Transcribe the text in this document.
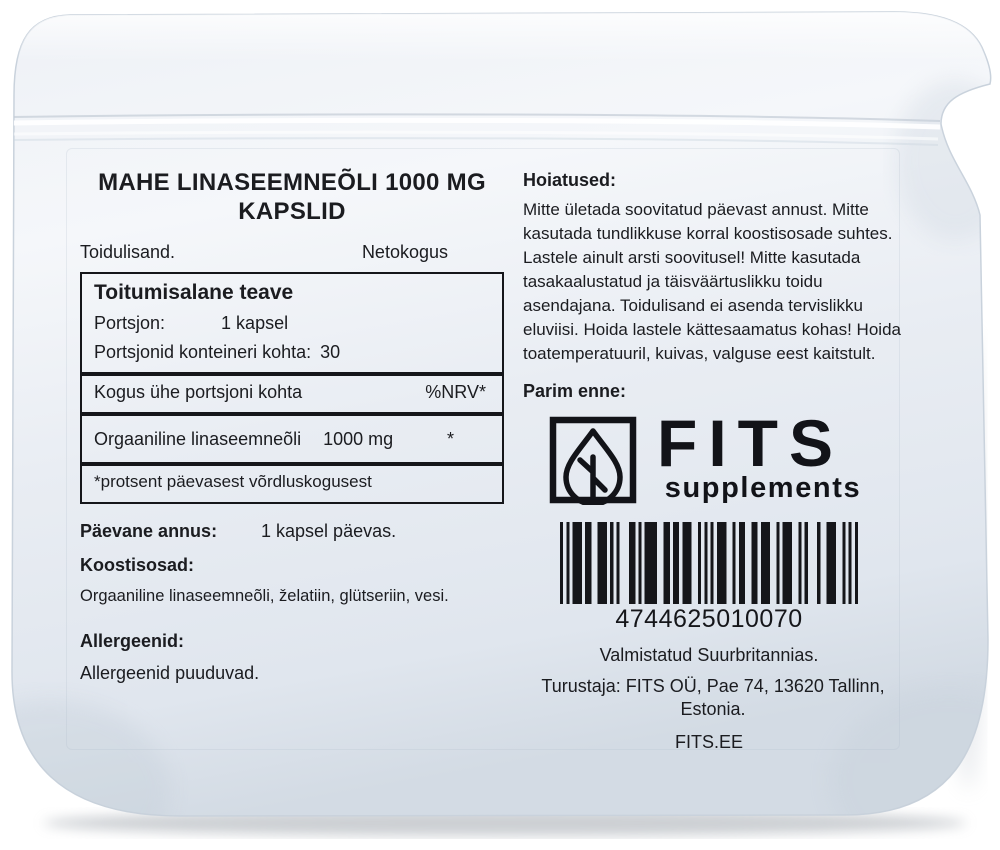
MAHE LINASEEMNEÕLI 1000 MG
KAPSLID
Toidulisand.	Netokogus
Toitumisalane teave
Portsjon:	1 kapsel
Portsjonid konteineri kohta: 30
Kogus ühe portsjoni kohta	%NRV*
Orgaaniline linaseemneõli 1000 mg	*
*protsent päevasest võrdluskogusest
Päevane annus: 1 kapsel päevas.
Koostisosad:
Orgaaniline linaseemneõli, želatiin, glütseriin, vesi.
Allergeenid:
Allergeenid puuduvad.
Hoiatused:
Mitte ületada soovitatud päevast annust. Mitte kasutada tundlikkuse korral koostisosade suhtes. Lastele ainult arsti soovitusel! Mitte kasutada tasakaalustatud ja täisväärtuslikku toidu asendajana. Toidulisand ei asenda tervislikku eluviisi. Hoida lastele kättesaamatus kohas! Hoida toatemperatuuril, kuivas, valguse eest kaitstult.
Parim enne:
FITS
supplements
4744625010070
Valmistatud Suurbritannias.
Turustaja: FITS OÜ, Pae 74, 13620 Tallinn, Estonia.
FITS.EE
